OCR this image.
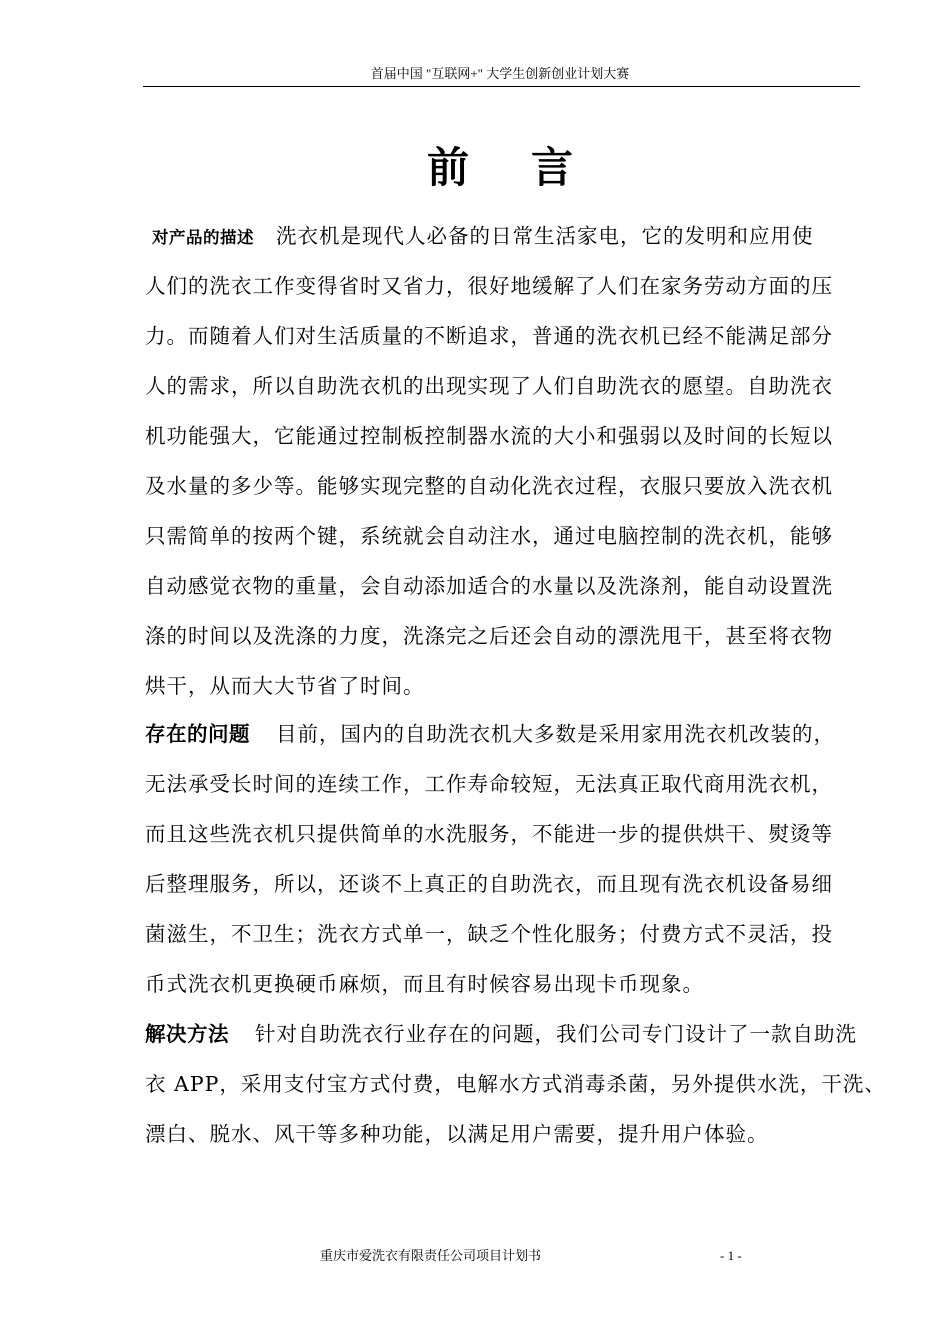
首届中国 "互联网+" 大学生创新创业计划大赛
前 言
对产品的描述 洗衣机是现代人必备的日常生活家电，它的发明和应用使
人们的洗衣工作变得省时又省力，很好地缓解了人们在家务劳动方面的压
力。而随着人们对生活质量的不断追求，普通的洗衣机已经不能满足部分
人的需求，所以自助洗衣机的出现实现了人们自助洗衣的愿望。自助洗衣
机功能强大，它能通过控制板控制器水流的大小和强弱以及时间的长短以
及水量的多少等。能够实现完整的自动化洗衣过程，衣服只要放入洗衣机
只需简单的按两个键，系统就会自动注水，通过电脑控制的洗衣机，能够
自动感觉衣物的重量，会自动添加适合的水量以及洗涤剂，能自动设置洗
涤的时间以及洗涤的力度，洗涤完之后还会自动的漂洗甩干，甚至将衣物
烘干，从而大大节省了时间。
存在的问题 目前，国内的自助洗衣机大多数是采用家用洗衣机改装的，
无法承受长时间的连续工作，工作寿命较短，无法真正取代商用洗衣机，
而且这些洗衣机只提供简单的水洗服务，不能进一步的提供烘干、熨烫等
后整理服务，所以，还谈不上真正的自助洗衣，而且现有洗衣机设备易细
菌滋生，不卫生；洗衣方式单一，缺乏个性化服务；付费方式不灵活，投
币式洗衣机更换硬币麻烦，而且有时候容易出现卡币现象。
解决方法 针对自助洗衣行业存在的问题，我们公司专门设计了一款自助洗
衣 APP，采用支付宝方式付费，电解水方式消毒杀菌，另外提供水洗，干洗、
漂白、脱水、风干等多种功能，以满足用户需要，提升用户体验。
重庆市爱洗衣有限责任公司项目计划书	- 1 -
